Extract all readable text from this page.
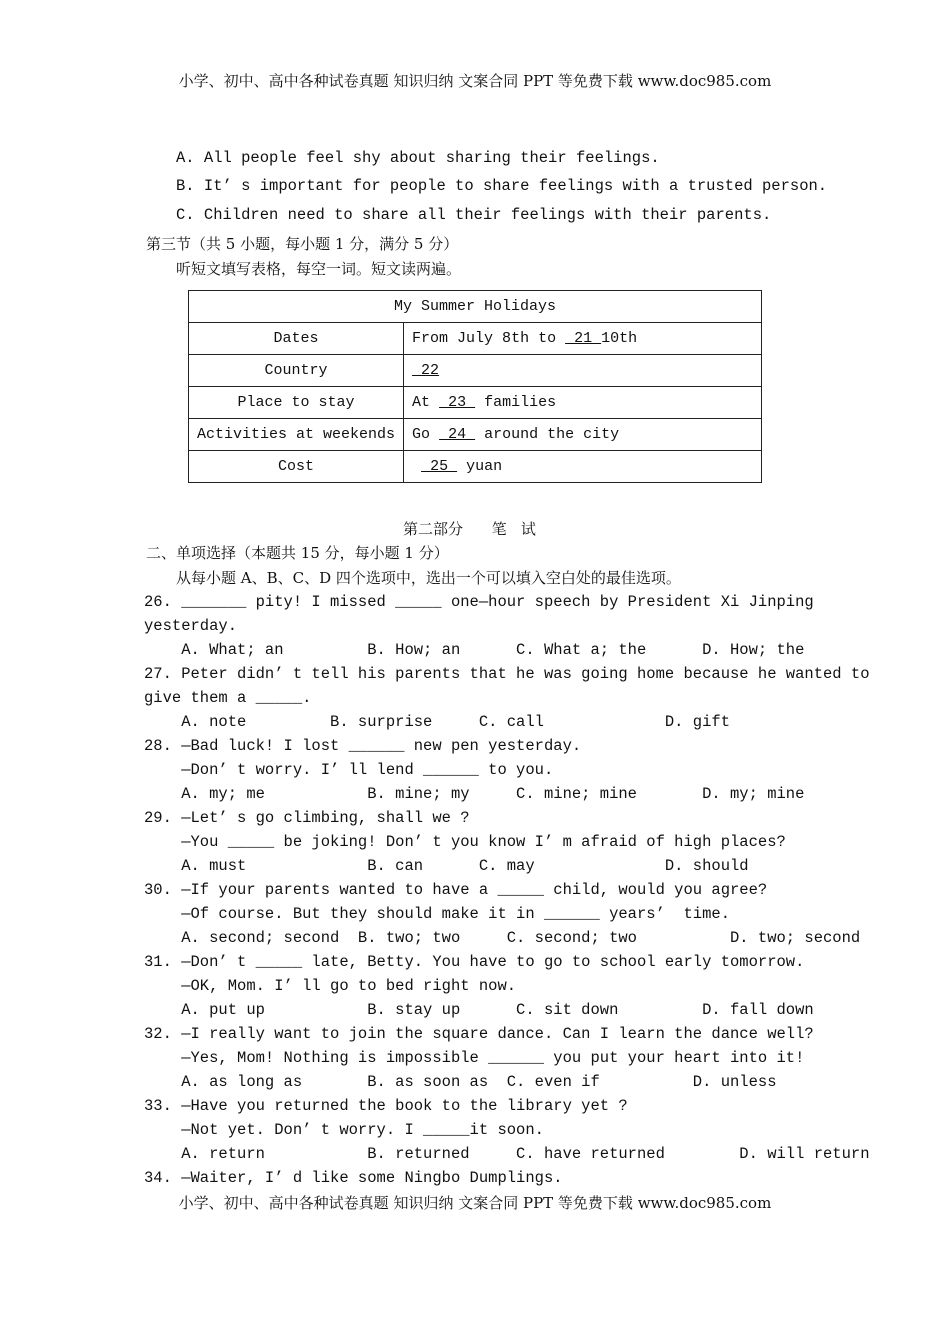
小学、初中、高中各种试卷真题 知识归纳 文案合同 PPT 等免费下载 www.doc985.com
A. All people feel shy about sharing their feelings.
B. It’ s important for people to share feelings with a trusted person.
C. Children need to share all their feelings with their parents.
第三节（共 5 小题，每小题 1 分，满分 5 分）
听短文填写表格，每空一词。短文读两遍。
My Summer Holidays	
Dates	From July 8th to  21 10th
Country	22
Place to stay	At  23  families
Activities at weekends	Go  24  around the city
Cost	25  yuan
第二部分      笔   试
二、单项选择（本题共 15 分，每小题 1 分）
从每小题 A、B、C、D 四个选项中，选出一个可以填入空白处的最佳选项。
26. _______ pity! I missed _____ one—hour speech by President Xi Jinping
yesterday.
A. What; an         B. How; an      C. What a; the      D. How; the
27. Peter didn’ t tell his parents that he was going home because he wanted to
give them a _____.
A. note         B. surprise     C. call             D. gift
28. —Bad luck! I lost ______ new pen yesterday.
—Don’ t worry. I’ ll lend ______ to you.
A. my; me           B. mine; my     C. mine; mine       D. my; mine
29. —Let’ s go climbing, shall we ?
—You _____ be joking! Don’ t you know I’ m afraid of high places?
A. must             B. can      C. may              D. should
30. —If your parents wanted to have a _____ child, would you agree?
—Of course. But they should make it in ______ years’  time.
A. second; second  B. two; two     C. second; two          D. two; second
31. —Don’ t _____ late, Betty. You have to go to school early tomorrow.
—OK, Mom. I’ ll go to bed right now.
A. put up           B. stay up      C. sit down         D. fall down
32. —I really want to join the square dance. Can I learn the dance well?
—Yes, Mom! Nothing is impossible ______ you put your heart into it!
A. as long as       B. as soon as  C. even if          D. unless
33. —Have you returned the book to the library yet ?
—Not yet. Don’ t worry. I _____it soon.
A. return           B. returned     C. have returned        D. will return
34. —Waiter, I’ d like some Ningbo Dumplings.
小学、初中、高中各种试卷真题 知识归纳 文案合同 PPT 等免费下载 www.doc985.com
